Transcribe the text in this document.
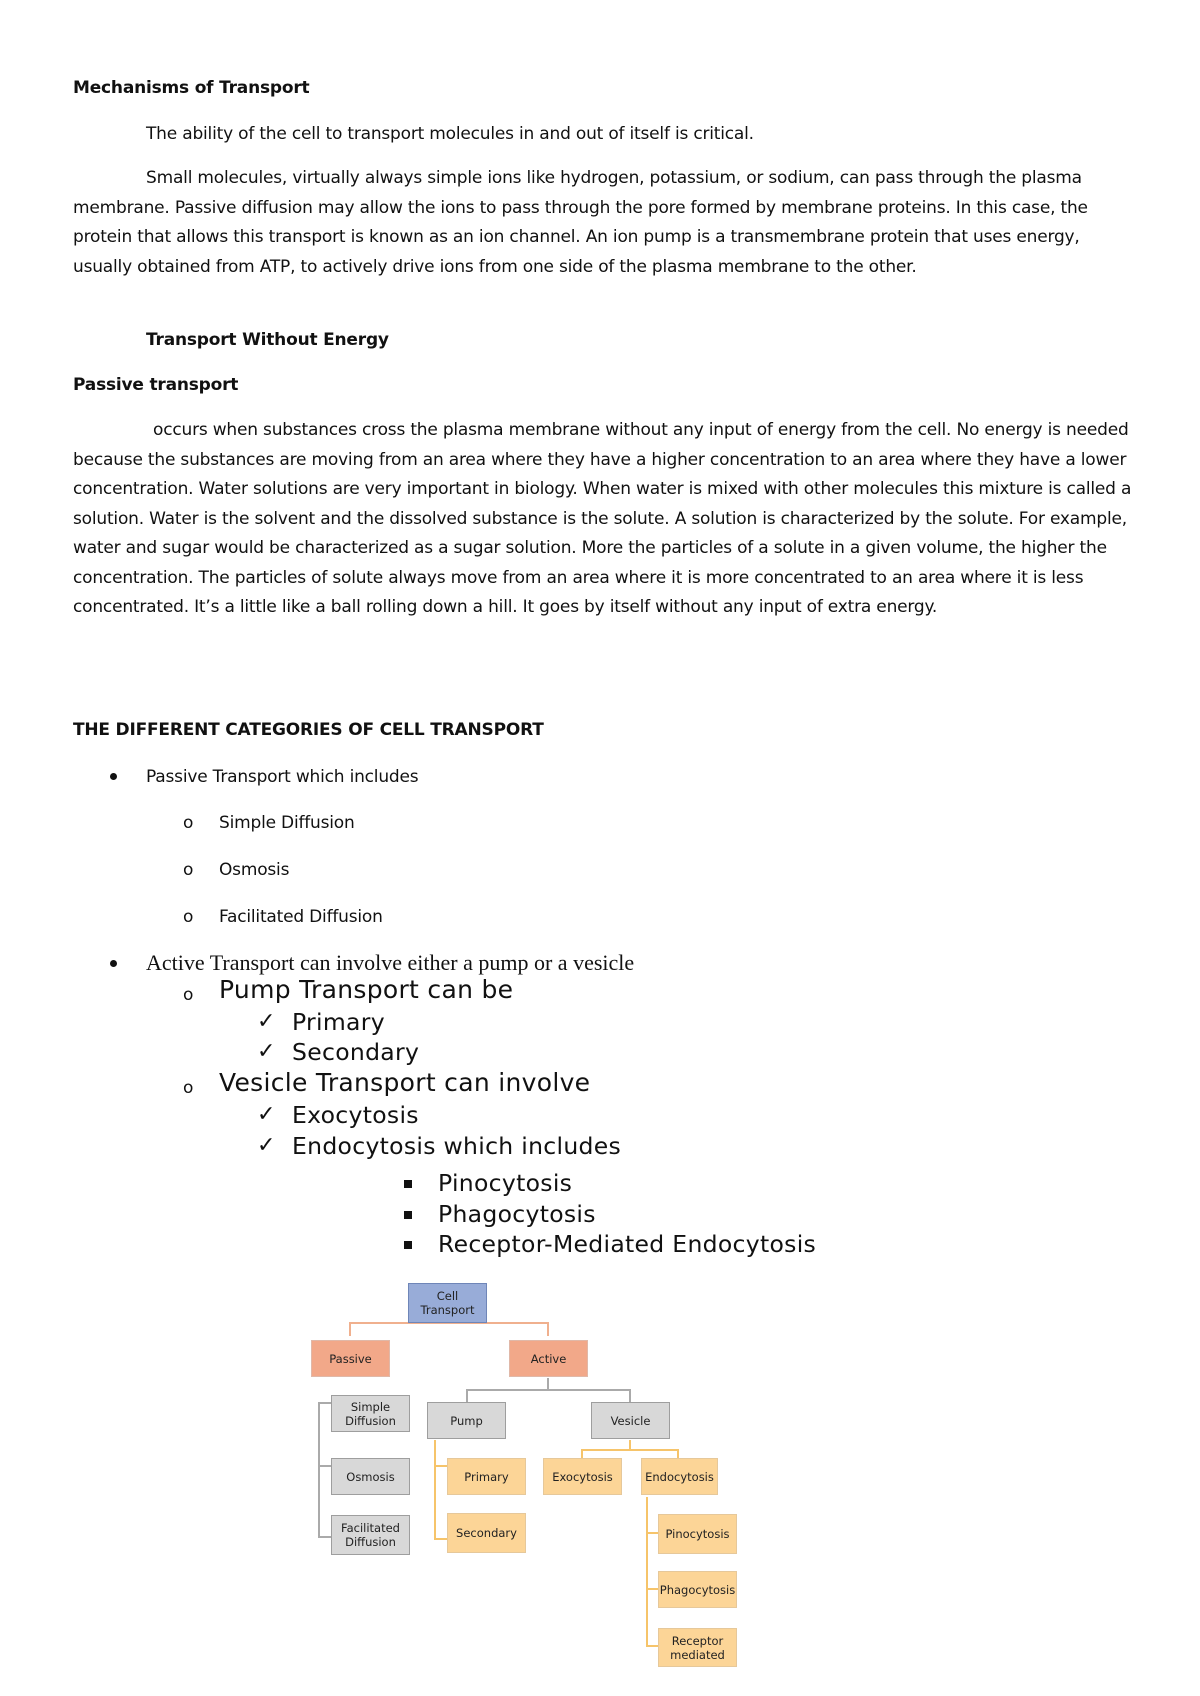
Mechanisms of Transport
The ability of the cell to transport molecules in and out of itself is critical.
Small molecules, virtually always simple ions like hydrogen, potassium, or sodium, can pass through the plasma membrane. Passive diffusion may allow the ions to pass through the pore formed by membrane proteins. In this case, the protein that allows this transport is known as an ion channel. An ion pump is a transmembrane protein that uses energy, usually obtained from ATP, to actively drive ions from one side of the plasma membrane to the other.
Transport Without Energy
Passive transport
occurs when substances cross the plasma membrane without any input of energy from the cell. No energy is needed because the substances are moving from an area where they have a higher concentration to an area where they have a lower concentration. Water solutions are very important in biology. When water is mixed with other molecules this mixture is called a solution. Water is the solvent and the dissolved substance is the solute. A solution is characterized by the solute. For example, water and sugar would be characterized as a sugar solution. More the particles of a solute in a given volume, the higher the concentration. The particles of solute always move from an area where it is more concentrated to an area where it is less concentrated. It’s a little like a ball rolling down a hill. It goes by itself without any input of extra energy.
THE DIFFERENT CATEGORIES OF CELL TRANSPORT
Passive Transport which includes
o Simple Diffusion
o Osmosis
o Facilitated Diffusion
Active Transport can involve either a pump or a vesicle
o Pump Transport can be
✓ Primary
✓ Secondary
o Vesicle Transport can involve
✓ Exocytosis
✓ Endocytosis which includes
Pinocytosis
Phagocytosis
Receptor-Mediated Endocytosis
Cell Transport
Passive	Active
Simple Diffusion
Osmosis
Facilitated Diffusion
Pump	Vesicle
Primary
Secondary
Exocytosis	Endocytosis
Pinocytosis
Phagocytosis
Receptor mediated
